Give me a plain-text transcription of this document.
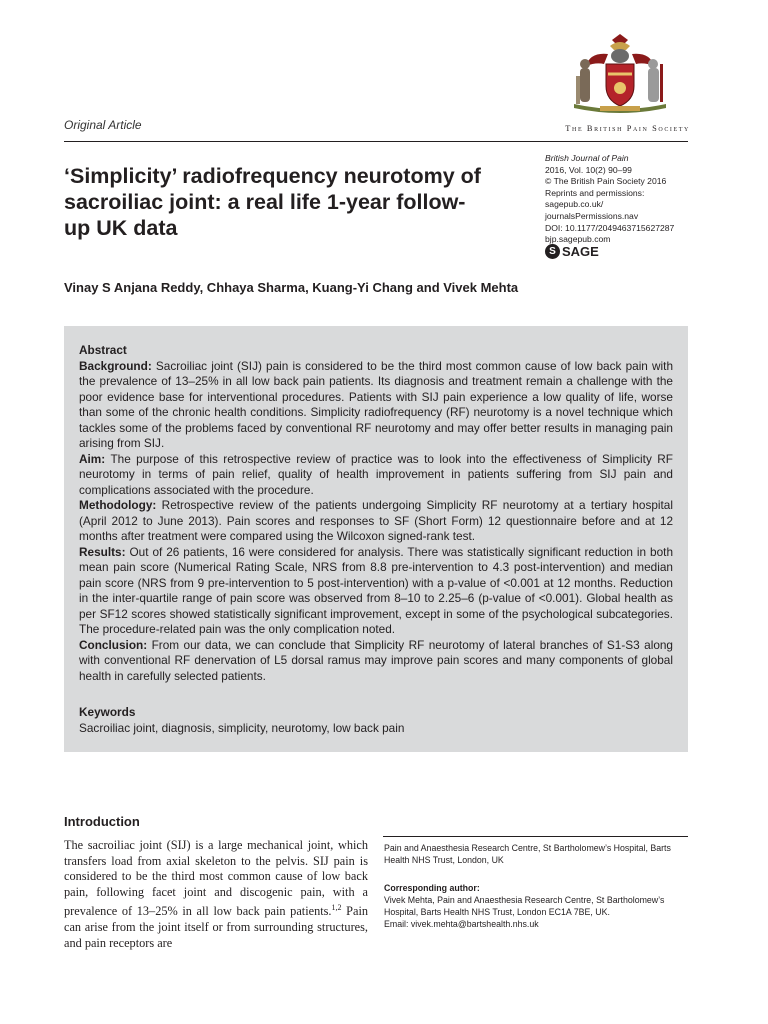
Original Article	The British Pain Society
‘Simplicity’ radiofrequency neurotomy of sacroiliac joint: a real life 1-year follow-up UK data
British Journal of Pain
2016, Vol. 10(2) 90–99
© The British Pain Society 2016
Reprints and permissions:
sagepub.co.uk/
journalsPermissions.nav
DOI: 10.1177/2049463715627287
bjp.sagepub.com
S SAGE
Vinay S Anjana Reddy, Chhaya Sharma, Kuang-Yi Chang and Vivek Mehta
Abstract
Background: Sacroiliac joint (SIJ) pain is considered to be the third most common cause of low back pain with the prevalence of 13–25% in all low back pain patients. Its diagnosis and treatment remain a challenge with the poor evidence base for interventional procedures. Patients with SIJ pain experience a low quality of life, worse than some of the chronic health conditions. Simplicity radiofrequency (RF) neurotomy is a novel technique which tackles some of the problems faced by conventional RF neurotomy and may offer better results in managing pain arising from SIJ.
Aim: The purpose of this retrospective review of practice was to look into the effectiveness of Simplicity RF neurotomy in terms of pain relief, quality of health improvement in patients suffering from SIJ pain and complications associated with the procedure.
Methodology: Retrospective review of the patients undergoing Simplicity RF neurotomy at a tertiary hospital (April 2012 to June 2013). Pain scores and responses to SF (Short Form) 12 questionnaire before and at 12 months after treatment were compared using the Wilcoxon signed-rank test.
Results: Out of 26 patients, 16 were considered for analysis. There was statistically significant reduction in both mean pain score (Numerical Rating Scale, NRS from 8.8 pre-intervention to 4.3 post-intervention) and median pain score (NRS from 9 pre-intervention to 5 post-intervention) with a p-value of <0.001 at 12 months. Reduction in the inter-quartile range of pain score was observed from 8–10 to 2.25–6 (p-value of <0.001). Global health as per SF12 scores showed statistically significant improvement, except in some of the psychological subcategories. The procedure-related pain was the only complication noted.
Conclusion: From our data, we can conclude that Simplicity RF neurotomy of lateral branches of S1-S3 along with conventional RF denervation of L5 dorsal ramus may improve pain scores and many components of global health in carefully selected patients.
Keywords
Sacroiliac joint, diagnosis, simplicity, neurotomy, low back pain
Introduction
The sacroiliac joint (SIJ) is a large mechanical joint, which transfers load from axial skeleton to the pelvis. SIJ pain is considered to be the third most common cause of low back pain, following facet joint and discogenic pain, with a prevalence of 13–25% in all low back pain patients.$^{1,2}$ Pain can arise from the joint itself or from surrounding structures, and pain receptors are
Pain and Anaesthesia Research Centre, St Bartholomew’s Hospital, Barts Health NHS Trust, London, UK
Corresponding author:
Vivek Mehta, Pain and Anaesthesia Research Centre, St Bartholomew’s Hospital, Barts Health NHS Trust, London EC1A 7BE, UK.
Email: vivek.mehta@bartshealth.nhs.uk
